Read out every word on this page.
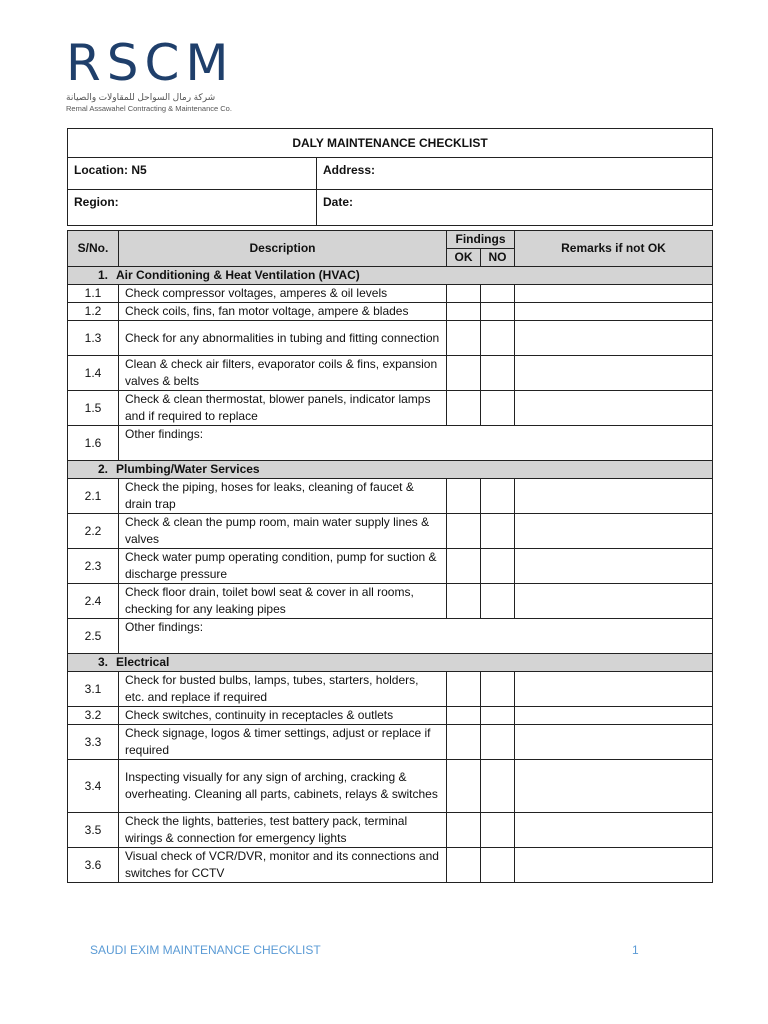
RSCM
شركة رمال السواحل للمقاولات والصيانة
Remal Assawahel Contracting & Maintenance Co.
DALY MAINTENANCE CHECKLIST	
Location: N5	Address:
Region:	Date:
S/No.	Description	Findings		Remarks if not OK
		OK	NO	
1. Air Conditioning & Heat Ventilation (HVAC)				
1.1	Check compressor voltages, amperes & oil levels			
1.2	Check coils, fins, fan motor voltage, ampere & blades			
1.3	Check for any abnormalities in tubing and fitting connection			
1.4	Clean & check air filters, evaporator coils & fins, expansion valves & belts			
1.5	Check & clean thermostat, blower panels, indicator lamps and if required to replace			
1.6	Other findings:			
2. Plumbing/Water Services				
2.1	Check the piping, hoses for leaks, cleaning of faucet & drain trap			
2.2	Check & clean the pump room, main water supply lines & valves			
2.3	Check water pump operating condition, pump for suction & discharge pressure			
2.4	Check floor drain, toilet bowl seat & cover in all rooms, checking for any leaking pipes			
2.5	Other findings:			
3. Electrical				
3.1	Check for busted bulbs, lamps, tubes, starters, holders, etc. and replace if required			
3.2	Check switches, continuity in receptacles & outlets			
3.3	Check signage, logos & timer settings, adjust or replace if required			
3.4	Inspecting visually for any sign of arching, cracking & overheating. Cleaning all parts, cabinets, relays & switches			
3.5	Check the lights, batteries, test battery pack, terminal wirings & connection for emergency lights			
3.6	Visual check of VCR/DVR, monitor and its connections and switches for CCTV			
SAUDI EXIM MAINTENANCE CHECKLIST	1
